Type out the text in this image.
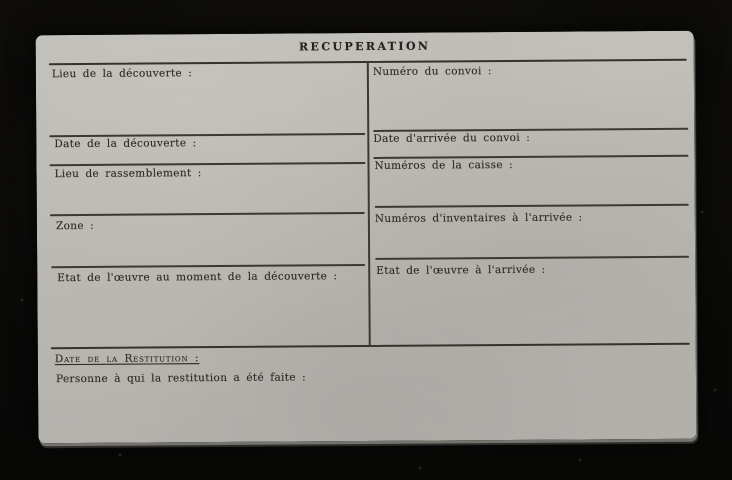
RECUPERATION
Lieu de la découverte :
Date de la découverte :
Lieu de rassemblement :
Zone :
Etat de l'œuvre au moment de la découverte :
Numéro du convoi :
Date d'arrivée du convoi :
Numéros de la caisse :
Numéros d'inventaires à l'arrivée :
Etat de l'œuvre à l'arrivée :
Date de la Restitution :
Personne à qui la restitution a été faite :
